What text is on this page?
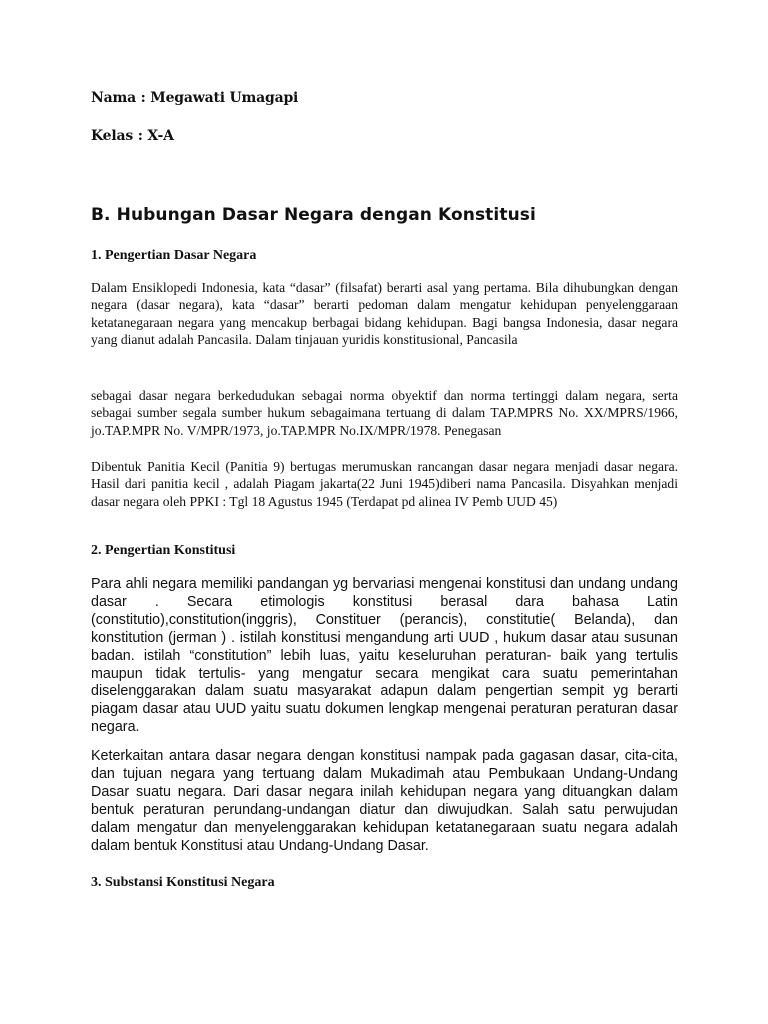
Nama : Megawati Umagapi
Kelas : X-A
B. Hubungan Dasar Negara dengan Konstitusi
1. Pengertian Dasar Negara
Dalam Ensiklopedi Indonesia, kata “dasar” (filsafat) berarti asal yang pertama. Bila dihubungkan dengan negara (dasar negara), kata “dasar” berarti pedoman dalam mengatur kehidupan penyelenggaraan ketatanegaraan negara yang mencakup berbagai bidang kehidupan. Bagi bangsa Indonesia, dasar negara yang dianut adalah Pancasila. Dalam tinjauan yuridis konstitusional, Pancasila
sebagai dasar negara berkedudukan sebagai norma obyektif dan norma tertinggi dalam negara, serta sebagai sumber segala sumber hukum sebagaimana tertuang di dalam TAP.MPRS No. XX/MPRS/1966, jo.TAP.MPR No. V/MPR/1973, jo.TAP.MPR No.IX/MPR/1978. Penegasan
Dibentuk Panitia Kecil (Panitia 9) bertugas merumuskan rancangan dasar negara menjadi dasar negara. Hasil dari panitia kecil , adalah Piagam jakarta(22 Juni 1945)diberi nama Pancasila. Disyahkan menjadi dasar negara oleh PPKI : Tgl 18 Agustus 1945 (Terdapat pd alinea IV Pemb UUD 45)
2. Pengertian Konstitusi
Para ahli negara memiliki pandangan yg bervariasi mengenai konstitusi dan undang undang dasar . Secara etimologis konstitusi berasal dara bahasa Latin (constitutio),constitution(inggris), Constituer (perancis), constitutie( Belanda), dan konstitution (jerman ) . istilah konstitusi mengandung arti UUD , hukum dasar atau susunan badan. istilah “constitution” lebih luas, yaitu keseluruhan peraturan- baik yang tertulis maupun tidak tertulis- yang mengatur secara mengikat cara suatu pemerintahan diselenggarakan dalam suatu masyarakat adapun dalam pengertian sempit yg berarti piagam dasar atau UUD yaitu suatu dokumen lengkap mengenai peraturan peraturan dasar negara.
Keterkaitan antara dasar negara dengan konstitusi nampak pada gagasan dasar, cita-cita, dan tujuan negara yang tertuang dalam Mukadimah atau Pembukaan Undang-Undang Dasar suatu negara. Dari dasar negara inilah kehidupan negara yang dituangkan dalam bentuk peraturan perundang-undangan diatur dan diwujudkan. Salah satu perwujudan dalam mengatur dan menyelenggarakan kehidupan ketatanegaraan suatu negara adalah dalam bentuk Konstitusi atau Undang-Undang Dasar.
3. Substansi Konstitusi Negara
